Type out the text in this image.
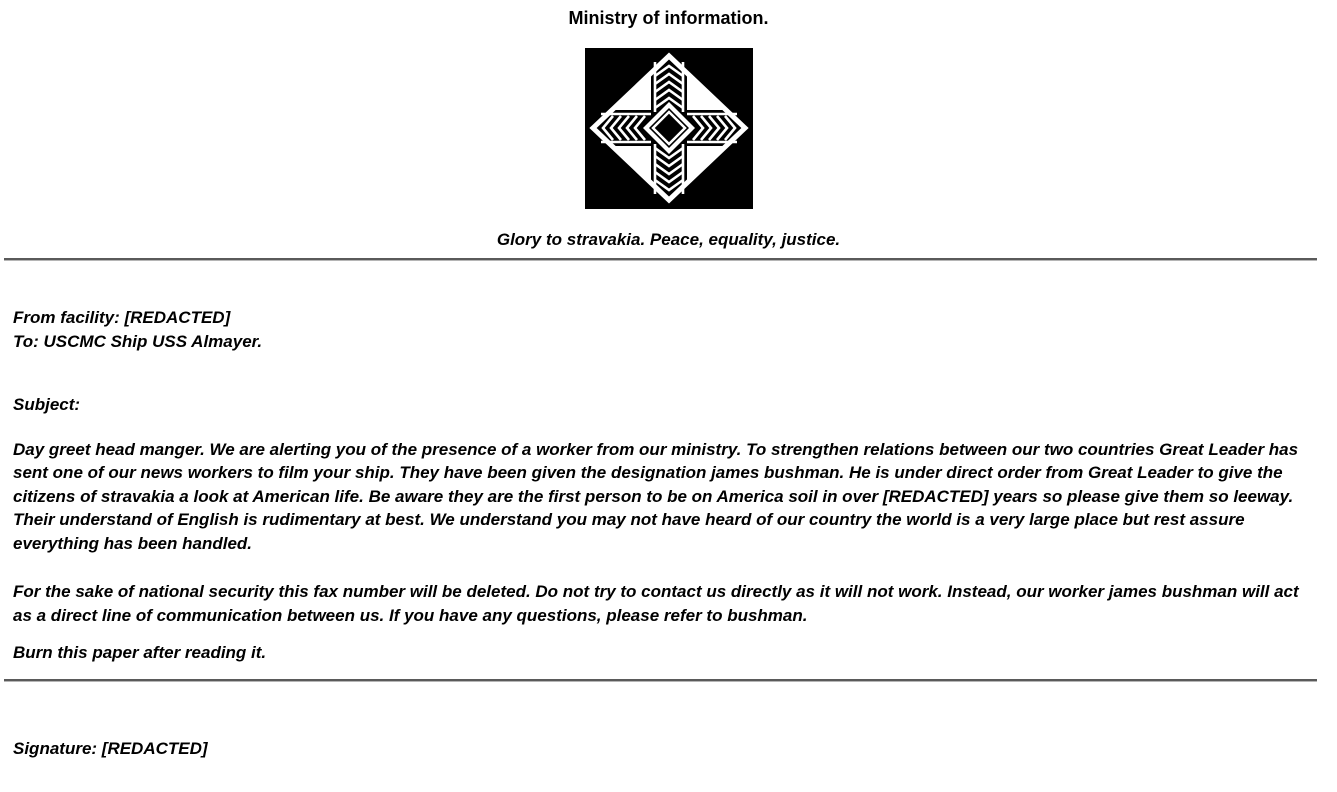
Ministry of information.
Glory to stravakia. Peace, equality, justice.
From facility: [REDACTED]
To: USCMC Ship USS Almayer.
Subject:
Day greet head manger. We are alerting you of the presence of a worker from our ministry. To strengthen relations between our two countries Great Leader has sent one of our news workers to film your ship. They have been given the designation james bushman. He is under direct order from Great Leader to give the citizens of stravakia a look at American life. Be aware they are the first person to be on America soil in over [REDACTED] years so please give them so leeway. Their understand of English is rudimentary at best. We understand you may not have heard of our country the world is a very large place but rest assure everything has been handled.
For the sake of national security this fax number will be deleted. Do not try to contact us directly as it will not work. Instead, our worker james bushman will act as a direct line of communication between us. If you have any questions, please refer to bushman.
Burn this paper after reading it.
Signature: [REDACTED]
